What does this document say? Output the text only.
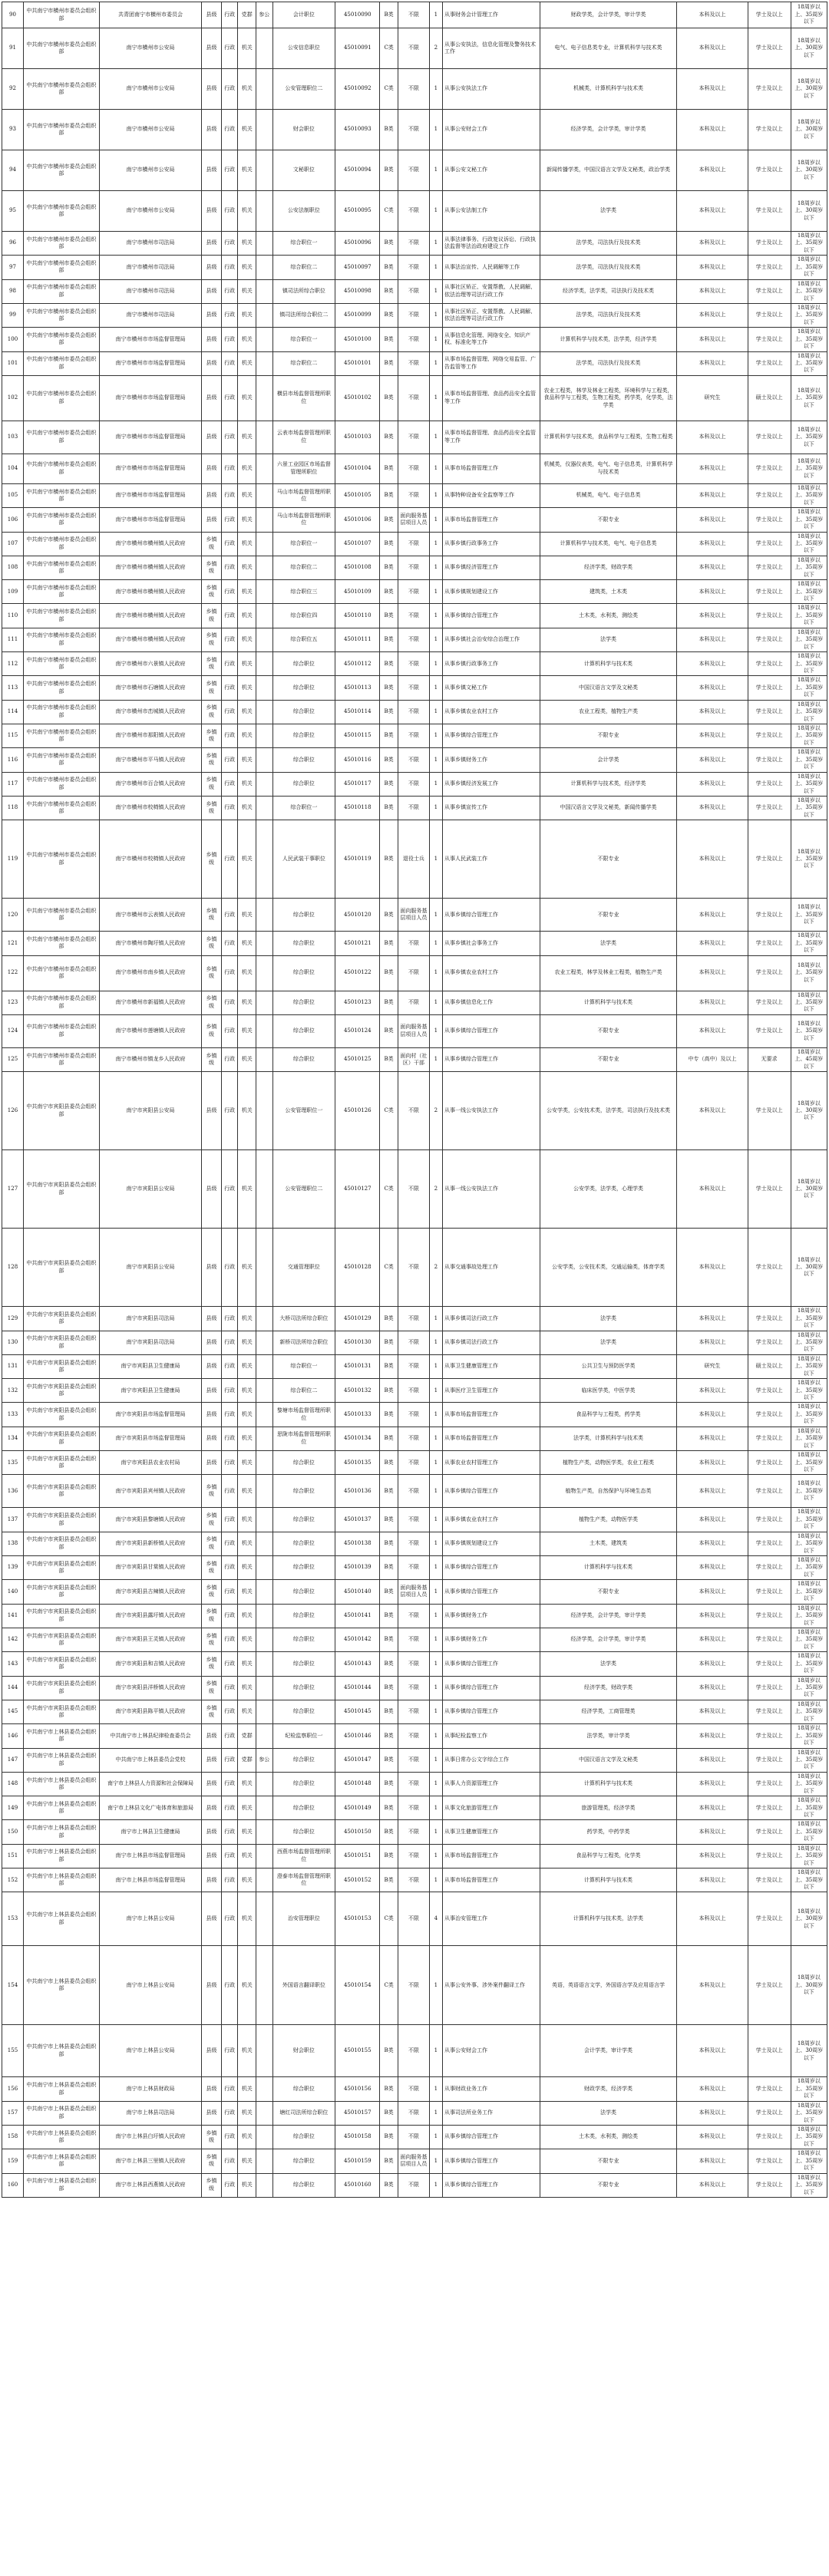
90	中共南宁市横州市委员会组织部	共青团南宁市横州市委员会	县级	行政	党群	参公	会计职位	45010090	B类	不限	1	从事财务会计管理工作	财政学类，会计学类，审计学类	本科及以上	学士及以上	18周岁以上、35周岁以下
91	中共南宁市横州市委员会组织部	南宁市横州市公安局	县级	行政	机关		公安信息职位	45010091	C类	不限	2	从事公安执法，信息化管理及警务技术工作	电气、电子信息类专业，计算机科学与技术类	本科及以上	学士及以上	18周岁以上、30周岁以下
92	中共南宁市横州市委员会组织部	南宁市横州市公安局	县级	行政	机关		公安管理职位二	45010092	C类	不限	1	从事公安执法工作	机械类，计算机科学与技术类	本科及以上	学士及以上	18周岁以上、30周岁以下
93	中共南宁市横州市委员会组织部	南宁市横州市公安局	县级	行政	机关		财会职位	45010093	B类	不限	1	从事公安财会工作	经济学类，会计学类，审计学类	本科及以上	学士及以上	18周岁以上、30周岁以下
94	中共南宁市横州市委员会组织部	南宁市横州市公安局	县级	行政	机关		文秘职位	45010094	B类	不限	1	从事公安文秘工作	新闻传播学类，中国汉语言文学及文秘类，政治学类	本科及以上	学士及以上	18周岁以上、30周岁以下
95	中共南宁市横州市委员会组织部	南宁市横州市公安局	县级	行政	机关		公安法制职位	45010095	C类	不限	1	从事公安法制工作	法学类	本科及以上	学士及以上	18周岁以上、30周岁以下
96	中共南宁市横州市委员会组织部	南宁市横州市司法局	县级	行政	机关		综合职位一	45010096	B类	不限	1	从事法律事务、行政复议诉讼、行政执法监督等法治政府建设工作	法学类，司法执行及技术类	本科及以上	学士及以上	18周岁以上、35周岁以下
97	中共南宁市横州市委员会组织部	南宁市横州市司法局	县级	行政	机关		综合职位二	45010097	B类	不限	1	从事法治宣传、人民调解等工作	法学类，司法执行及技术类	本科及以上	学士及以上	18周岁以上、35周岁以下
98	中共南宁市横州市委员会组织部	南宁市横州市司法局	县级	行政	机关		镇司法所综合职位	45010098	B类	不限	1	从事社区矫正、安置帮教、人民调解、依法治理等司法行政工作	经济学类，法学类，司法执行及技术类	本科及以上	学士及以上	18周岁以上、35周岁以下
99	中共南宁市横州市委员会组织部	南宁市横州市司法局	县级	行政	机关		镇司法所综合职位二	45010099	B类	不限	1	从事社区矫正、安置帮教、人民调解、依法治理等司法行政工作	法学类，司法执行及技术类	本科及以上	学士及以上	18周岁以上、35周岁以下
100	中共南宁市横州市委员会组织部	南宁市横州市市场监督管理局	县级	行政	机关		综合职位一	45010100	B类	不限	1	从事信息化管理、网络安全、知识产权、标准化等工作	计算机科学与技术类，法学类，经济学类	本科及以上	学士及以上	18周岁以上、35周岁以下
101	中共南宁市横州市委员会组织部	南宁市横州市市场监督管理局	县级	行政	机关		综合职位二	45010101	B类	不限	1	从事市场监督管理、网络交易监管、广告监管等工作	法学类，司法执行及技术类	本科及以上	学士及以上	18周岁以上、35周岁以下
102	中共南宁市横州市委员会组织部	南宁市横州市市场监督管理局	县级	行政	机关		横县市场监督管理所职位	45010102	B类	不限	1	从事市场监督管理、食品药品安全监管等工作	农业工程类，林学及林业工程类，环境科学与工程类，食品科学与工程类，生物工程类，药学类，化学类，法学类	研究生	硕士及以上	18周岁以上、35周岁以下
103	中共南宁市横州市委员会组织部	南宁市横州市市场监督管理局	县级	行政	机关		云表市场监督管理所职位	45010103	B类	不限	1	从事市场监督管理、食品药品安全监管等工作	计算机科学与技术类，食品科学与工程类，生物工程类	本科及以上	学士及以上	18周岁以上、35周岁以下
104	中共南宁市横州市委员会组织部	南宁市横州市市场监督管理局	县级	行政	机关		六景工业园区市场监督管理所职位	45010104	B类	不限	1	从事市场监督管理工作	机械类，仪器仪表类，电气、电子信息类，计算机科学与技术类	本科及以上	学士及以上	18周岁以上、35周岁以下
105	中共南宁市横州市委员会组织部	南宁市横州市市场监督管理局	县级	行政	机关		马山市场监督管理所职位	45010105	B类	不限	1	从事特种设备安全监察等工作	机械类，电气、电子信息类	本科及以上	学士及以上	18周岁以上、35周岁以下
106	中共南宁市横州市委员会组织部	南宁市横州市市场监督管理局	县级	行政	机关		马山市场监督管理所职位	45010106	B类	面向服务基层项目人员	1	从事市场监督管理工作	不限专业	本科及以上	学士及以上	18周岁以上、35周岁以下
107	中共南宁市横州市委员会组织部	南宁市横州市横州镇人民政府	乡镇级	行政	机关		综合职位一	45010107	B类	不限	1	从事乡镇行政事务工作	计算机科学与技术类，电气、电子信息类	本科及以上	学士及以上	18周岁以上、35周岁以下
108	中共南宁市横州市委员会组织部	南宁市横州市横州镇人民政府	乡镇级	行政	机关		综合职位二	45010108	B类	不限	1	从事乡镇经济管理工作	经济学类，财政学类	本科及以上	学士及以上	18周岁以上、35周岁以下
109	中共南宁市横州市委员会组织部	南宁市横州市横州镇人民政府	乡镇级	行政	机关		综合职位三	45010109	B类	不限	1	从事乡镇规划建设工作	建筑类，土木类	本科及以上	学士及以上	18周岁以上、35周岁以下
110	中共南宁市横州市委员会组织部	南宁市横州市横州镇人民政府	乡镇级	行政	机关		综合职位四	45010110	B类	不限	1	从事乡镇综合管理工作	土木类，水利类，测绘类	本科及以上	学士及以上	18周岁以上、35周岁以下
111	中共南宁市横州市委员会组织部	南宁市横州市横州镇人民政府	乡镇级	行政	机关		综合职位五	45010111	B类	不限	1	从事乡镇社会治安综合治理工作	法学类	本科及以上	学士及以上	18周岁以上、35周岁以下
112	中共南宁市横州市委员会组织部	南宁市横州市六景镇人民政府	乡镇级	行政	机关		综合职位	45010112	B类	不限	1	从事乡镇行政事务工作	计算机科学与技术类	本科及以上	学士及以上	18周岁以上、35周岁以下
113	中共南宁市横州市委员会组织部	南宁市横州市石塘镇人民政府	乡镇级	行政	机关		综合职位	45010113	B类	不限	1	从事乡镇文秘工作	中国汉语言文学及文秘类	本科及以上	学士及以上	18周岁以上、35周岁以下
114	中共南宁市横州市委员会组织部	南宁市横州市峦城镇人民政府	乡镇级	行政	机关		综合职位	45010114	B类	不限	1	从事乡镇农业农村工作	农业工程类，植物生产类	本科及以上	学士及以上	18周岁以上、35周岁以下
115	中共南宁市横州市委员会组织部	南宁市横州市那阳镇人民政府	乡镇级	行政	机关		综合职位	45010115	B类	不限	1	从事乡镇综合管理工作	不限专业	本科及以上	学士及以上	18周岁以上、35周岁以下
116	中共南宁市横州市委员会组织部	南宁市横州市平马镇人民政府	乡镇级	行政	机关		综合职位	45010116	B类	不限	1	从事乡镇财务工作	会计学类	本科及以上	学士及以上	18周岁以上、35周岁以下
117	中共南宁市横州市委员会组织部	南宁市横州市百合镇人民政府	乡镇级	行政	机关		综合职位	45010117	B类	不限	1	从事乡镇经济发展工作	计算机科学与技术类，经济学类	本科及以上	学士及以上	18周岁以上、35周岁以下
118	中共南宁市横州市委员会组织部	南宁市横州市校椅镇人民政府	乡镇级	行政	机关		综合职位一	45010118	B类	不限	1	从事乡镇宣传工作	中国汉语言文学及文秘类，新闻传播学类	本科及以上	学士及以上	18周岁以上、35周岁以下
119	中共南宁市横州市委员会组织部	南宁市横州市校椅镇人民政府	乡镇级	行政	机关		人民武装干事职位	45010119	B类	退役士兵	1	从事人民武装工作	不限专业	本科及以上	学士及以上	18周岁以上、35周岁以下
120	中共南宁市横州市委员会组织部	南宁市横州市云表镇人民政府	乡镇级	行政	机关		综合职位	45010120	B类	面向服务基层项目人员	1	从事乡镇综合管理工作	不限专业	本科及以上	学士及以上	18周岁以上、35周岁以下
121	中共南宁市横州市委员会组织部	南宁市横州市陶圩镇人民政府	乡镇级	行政	机关		综合职位	45010121	B类	不限	1	从事乡镇社会事务工作	法学类	本科及以上	学士及以上	18周岁以上、35周岁以下
122	中共南宁市横州市委员会组织部	南宁市横州市南乡镇人民政府	乡镇级	行政	机关		综合职位	45010122	B类	不限	1	从事乡镇农业农村工作	农业工程类，林学及林业工程类，植物生产类	本科及以上	学士及以上	18周岁以上、35周岁以下
123	中共南宁市横州市委员会组织部	南宁市横州市新福镇人民政府	乡镇级	行政	机关		综合职位	45010123	B类	不限	1	从事乡镇信息化工作	计算机科学与技术类	本科及以上	学士及以上	18周岁以上、35周岁以下
124	中共南宁市横州市委员会组织部	南宁市横州市莲塘镇人民政府	乡镇级	行政	机关		综合职位	45010124	B类	面向服务基层项目人员	1	从事乡镇综合管理工作	不限专业	本科及以上	学士及以上	18周岁以上、35周岁以下
125	中共南宁市横州市委员会组织部	南宁市横州市镇龙乡人民政府	乡镇级	行政	机关		综合职位	45010125	B类	面向村（社区）干部	1	从事乡镇综合管理工作	不限专业	中专（高中）及以上	无要求	18周岁以上、45周岁以下
126	中共南宁市宾阳县委员会组织部	南宁市宾阳县公安局	县级	行政	机关		公安管理职位一	45010126	C类	不限	2	从事一线公安执法工作	公安学类，公安技术类，法学类，司法执行及技术类	本科及以上	学士及以上	18周岁以上、30周岁以下
127	中共南宁市宾阳县委员会组织部	南宁市宾阳县公安局	县级	行政	机关		公安管理职位二	45010127	C类	不限	2	从事一线公安执法工作	公安学类，法学类，心理学类	本科及以上	学士及以上	18周岁以上、30周岁以下
128	中共南宁市宾阳县委员会组织部	南宁市宾阳县公安局	县级	行政	机关		交通管理职位	45010128	C类	不限	2	从事交通事故处理工作	公安学类，公安技术类，交通运输类，体育学类	本科及以上	学士及以上	18周岁以上、30周岁以下
129	中共南宁市宾阳县委员会组织部	南宁市宾阳县司法局	县级	行政	机关		大桥司法所综合职位	45010129	B类	不限	1	从事乡镇司法行政工作	法学类	本科及以上	学士及以上	18周岁以上、35周岁以下
130	中共南宁市宾阳县委员会组织部	南宁市宾阳县司法局	县级	行政	机关		新桥司法所综合职位	45010130	B类	不限	1	从事乡镇司法行政工作	法学类	本科及以上	学士及以上	18周岁以上、35周岁以下
131	中共南宁市宾阳县委员会组织部	南宁市宾阳县卫生健康局	县级	行政	机关		综合职位一	45010131	B类	不限	1	从事卫生健康管理工作	公共卫生与预防医学类	研究生	硕士及以上	18周岁以上、35周岁以下
132	中共南宁市宾阳县委员会组织部	南宁市宾阳县卫生健康局	县级	行政	机关		综合职位二	45010132	B类	不限	1	从事医疗卫生管理工作	临床医学类，中医学类	本科及以上	学士及以上	18周岁以上、35周岁以下
133	中共南宁市宾阳县委员会组织部	南宁市宾阳县市场监督管理局	县级	行政	机关		黎塘市场监督管理所职位	45010133	B类	不限	1	从事市场监督管理工作	食品科学与工程类，药学类	本科及以上	学士及以上	18周岁以上、35周岁以下
134	中共南宁市宾阳县委员会组织部	南宁市宾阳县市场监督管理局	县级	行政	机关		思陇市场监督管理所职位	45010134	B类	不限	1	从事市场监督管理工作	法学类，计算机科学与技术类	本科及以上	学士及以上	18周岁以上、35周岁以下
135	中共南宁市宾阳县委员会组织部	南宁市宾阳县农业农村局	县级	行政	机关		综合职位	45010135	B类	不限	1	从事农业农村管理工作	植物生产类，动物医学类，农业工程类	本科及以上	学士及以上	18周岁以上、35周岁以下
136	中共南宁市宾阳县委员会组织部	南宁市宾阳县宾州镇人民政府	乡镇级	行政	机关		综合职位	45010136	B类	不限	1	从事乡镇综合管理工作	植物生产类，自然保护与环境生态类	本科及以上	学士及以上	18周岁以上、35周岁以下
137	中共南宁市宾阳县委员会组织部	南宁市宾阳县黎塘镇人民政府	乡镇级	行政	机关		综合职位	45010137	B类	不限	1	从事乡镇农业农村工作	植物生产类，动物医学类	本科及以上	学士及以上	18周岁以上、35周岁以下
138	中共南宁市宾阳县委员会组织部	南宁市宾阳县新桥镇人民政府	乡镇级	行政	机关		综合职位	45010138	B类	不限	1	从事乡镇规划建设工作	土木类，建筑类	本科及以上	学士及以上	18周岁以上、35周岁以下
139	中共南宁市宾阳县委员会组织部	南宁市宾阳县甘棠镇人民政府	乡镇级	行政	机关		综合职位	45010139	B类	不限	1	从事乡镇综合管理工作	计算机科学与技术类	本科及以上	学士及以上	18周岁以上、35周岁以下
140	中共南宁市宾阳县委员会组织部	南宁市宾阳县古辣镇人民政府	乡镇级	行政	机关		综合职位	45010140	B类	面向服务基层项目人员	1	从事乡镇综合管理工作	不限专业	本科及以上	学士及以上	18周岁以上、35周岁以下
141	中共南宁市宾阳县委员会组织部	南宁市宾阳县露圩镇人民政府	乡镇级	行政	机关		综合职位	45010141	B类	不限	1	从事乡镇财务工作	经济学类，会计学类，审计学类	本科及以上	学士及以上	18周岁以上、35周岁以下
142	中共南宁市宾阳县委员会组织部	南宁市宾阳县王灵镇人民政府	乡镇级	行政	机关		综合职位	45010142	B类	不限	1	从事乡镇财务工作	经济学类，会计学类，审计学类	本科及以上	学士及以上	18周岁以上、35周岁以下
143	中共南宁市宾阳县委员会组织部	南宁市宾阳县和吉镇人民政府	乡镇级	行政	机关		综合职位	45010143	B类	不限	1	从事乡镇综合管理工作	法学类	本科及以上	学士及以上	18周岁以上、35周岁以下
144	中共南宁市宾阳县委员会组织部	南宁市宾阳县洋桥镇人民政府	乡镇级	行政	机关		综合职位	45010144	B类	不限	1	从事乡镇综合管理工作	经济学类，财政学类	本科及以上	学士及以上	18周岁以上、35周岁以下
145	中共南宁市宾阳县委员会组织部	南宁市宾阳县陈平镇人民政府	乡镇级	行政	机关		综合职位	45010145	B类	不限	1	从事乡镇综合管理工作	经济学类，工商管理类	本科及以上	学士及以上	18周岁以上、35周岁以下
146	中共南宁市上林县委员会组织部	中共南宁市上林县纪律检查委员会	县级	行政	党群		纪检监察职位一	45010146	B类	不限	1	从事纪检监察工作	法学类，审计学类	本科及以上	学士及以上	18周岁以上、35周岁以下
147	中共南宁市上林县委员会组织部	中共南宁市上林县委员会党校	县级	行政	党群	参公	综合职位	45010147	B类	不限	1	从事日常办公文字综合工作	中国汉语言文学及文秘类	本科及以上	学士及以上	18周岁以上、35周岁以下
148	中共南宁市上林县委员会组织部	南宁市上林县人力资源和社会保障局	县级	行政	机关		综合职位	45010148	B类	不限	1	从事人力资源管理工作	计算机科学与技术类	本科及以上	学士及以上	18周岁以上、35周岁以下
149	中共南宁市上林县委员会组织部	南宁市上林县文化广电体育和旅游局	县级	行政	机关		综合职位	45010149	B类	不限	1	从事文化旅游管理工作	旅游管理类，经济学类	本科及以上	学士及以上	18周岁以上、35周岁以下
150	中共南宁市上林县委员会组织部	南宁市上林县卫生健康局	县级	行政	机关		综合职位	45010150	B类	不限	1	从事卫生健康管理工作	药学类，中药学类	本科及以上	学士及以上	18周岁以上、35周岁以下
151	中共南宁市上林县委员会组织部	南宁市上林县市场监督管理局	县级	行政	机关		西燕市场监督管理所职位	45010151	B类	不限	1	从事市场监督管理工作	食品科学与工程类，化学类	本科及以上	学士及以上	18周岁以上、35周岁以下
152	中共南宁市上林县委员会组织部	南宁市上林县市场监督管理局	县级	行政	机关		澄泰市场监督管理所职位	45010152	B类	不限	1	从事市场监督管理工作	计算机科学与技术类	本科及以上	学士及以上	18周岁以上、35周岁以下
153	中共南宁市上林县委员会组织部	南宁市上林县公安局	县级	行政	机关		治安管理职位	45010153	C类	不限	4	从事治安管理工作	计算机科学与技术类，法学类	本科及以上	学士及以上	18周岁以上、30周岁以下
154	中共南宁市上林县委员会组织部	南宁市上林县公安局	县级	行政	机关		外国语言翻译职位	45010154	C类	不限	1	从事公安外事、涉外案件翻译工作	英语，英语语言文学，外国语言学及应用语言学	本科及以上	学士及以上	18周岁以上、30周岁以下
155	中共南宁市上林县委员会组织部	南宁市上林县公安局	县级	行政	机关		财会职位	45010155	B类	不限	1	从事公安财会工作	会计学类，审计学类	本科及以上	学士及以上	18周岁以上、30周岁以下
156	中共南宁市上林县委员会组织部	南宁市上林县财政局	县级	行政	机关		综合职位	45010156	B类	不限	1	从事财政业务工作	财政学类，经济学类	本科及以上	学士及以上	18周岁以上、35周岁以下
157	中共南宁市上林县委员会组织部	南宁市上林县司法局	县级	行政	机关		塘红司法所综合职位	45010157	B类	不限	1	从事司法所业务工作	法学类	本科及以上	学士及以上	18周岁以上、35周岁以下
158	中共南宁市上林县委员会组织部	南宁市上林县白圩镇人民政府	乡镇级	行政	机关		综合职位	45010158	B类	不限	1	从事乡镇综合管理工作	土木类，水利类，测绘类	本科及以上	学士及以上	18周岁以上、35周岁以下
159	中共南宁市上林县委员会组织部	南宁市上林县三里镇人民政府	乡镇级	行政	机关		综合职位	45010159	B类	面向服务基层项目人员	1	从事乡镇综合管理工作	不限专业	本科及以上	学士及以上	18周岁以上、35周岁以下
160	中共南宁市上林县委员会组织部	南宁市上林县西燕镇人民政府	乡镇级	行政	机关		综合职位	45010160	B类	不限	1	从事乡镇综合管理工作	不限专业	本科及以上	学士及以上	18周岁以上、35周岁以下
